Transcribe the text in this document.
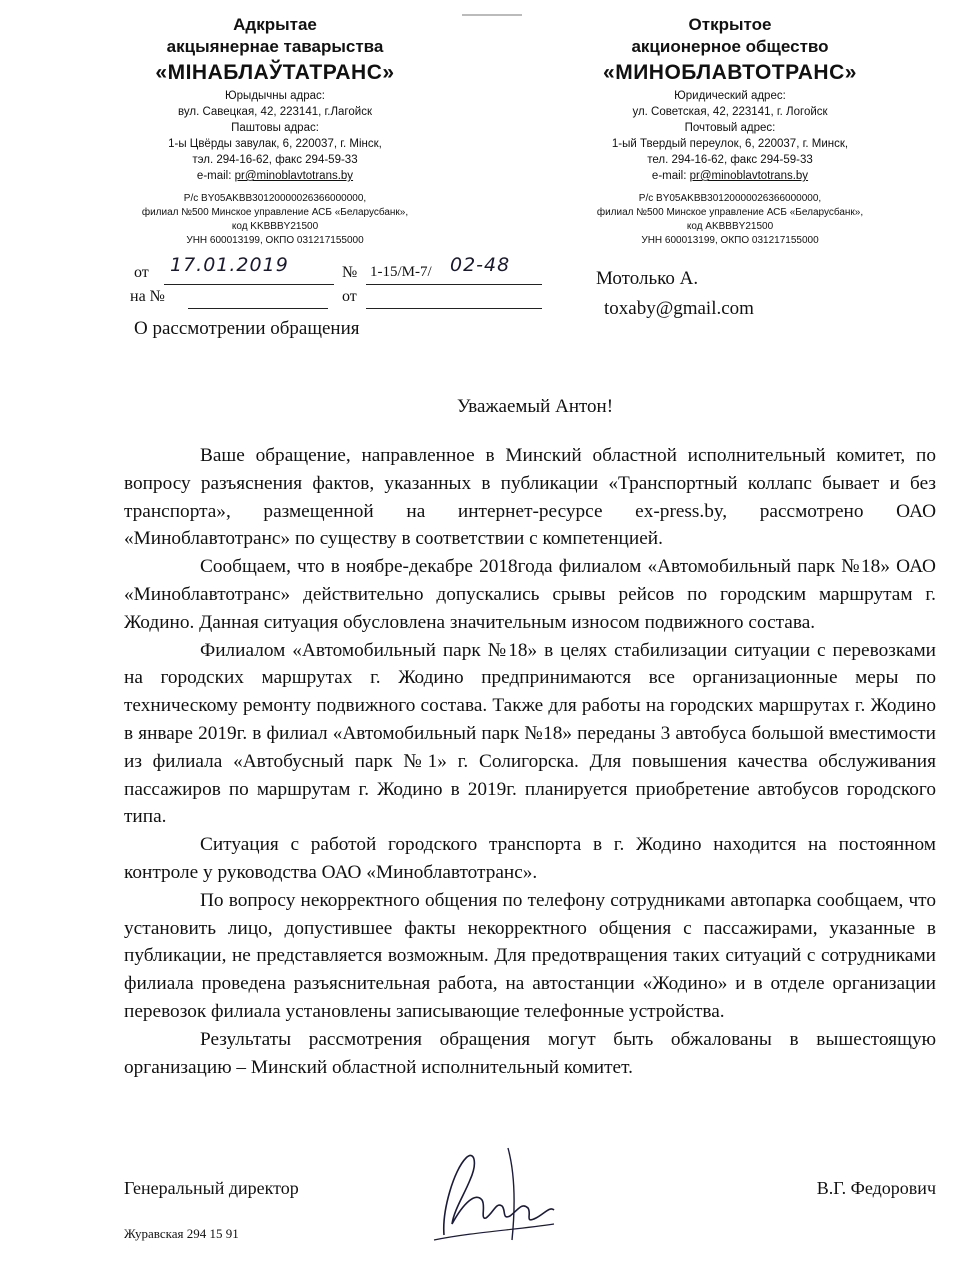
Адкрытае
акцыянернае таварыства
«МІНАБЛАЎТАТРАНС»
Юрыдычны адрас:
вул. Савецкая, 42, 223141, г.Лагойск
Паштовы адрас:
1-ы Цвёрды завулак, 6, 220037, г. Мінск,
тэл. 294-16-62, факс 294-59-33
e-mail: pr@minoblavtotrans.by
Р/с BY05AKBB30120000026366000000,
филиал №500 Минское управление АСБ «Беларусбанк»,
код KKBBBY21500
УНН 600013199, ОКПО 031217155000
Открытое
акционерное общество
«МИНОБЛАВТОТРАНС»
Юридический адрес:
ул. Советская, 42, 223141, г. Логойск
Почтовый адрес:
1-ый Твердый переулок, 6, 220037, г. Минск,
тел. 294-16-62, факс 294-59-33
e-mail: pr@minoblavtotrans.by
Р/с BY05AKBB30120000026366000000,
филиал №500 Минское управление АСБ «Беларусбанк»,
код AKBBBY21500
УНН 600013199, ОКПО 031217155000
от 17.01.2019	№ 1-15/М-7/ 02-48
на №	от
Мотолько А.
toxaby@gmail.com
О рассмотрении обращения
Уважаемый Антон!

Ваше обращение, направленное в Минский областной исполнительный комитет, по вопросу разъяснения фактов, указанных в публикации «Транспортный коллапс бывает и без транспорта», размещенной на интернет-ресурсе ex-press.by, рассмотрено ОАО «Миноблавтотранс» по существу в соответствии с компетенцией.

Сообщаем, что в ноябре-декабре 2018года филиалом «Автомобильный парк №18» ОАО «Миноблавтотранс» действительно допускались срывы рейсов по городским маршрутам г. Жодино. Данная ситуация обусловлена значительным износом подвижного состава.

Филиалом «Автомобильный парк №18» в целях стабилизации ситуации с перевозками на городских маршрутах г. Жодино предпринимаются все организационные меры по техническому ремонту подвижного состава. Также для работы на городских маршрутах г. Жодино в январе 2019г. в филиал «Автомобильный парк №18» переданы 3 автобуса большой вместимости из филиала «Автобусный парк №1» г. Солигорска. Для повышения качества обслуживания пассажиров по маршрутам г. Жодино в 2019г. планируется приобретение автобусов городского типа.

Ситуация с работой городского транспорта в г. Жодино находится на постоянном контроле у руководства ОАО «Миноблавтотранс».

По вопросу некорректного общения по телефону сотрудниками автопарка сообщаем, что установить лицо, допустившее факты некорректного общения с пассажирами, указанные в публикации, не представляется возможным. Для предотвращения таких ситуаций с сотрудниками филиала проведена разъяснительная работа, на автостанции «Жодино» и в отделе организации перевозок филиала установлены записывающие телефонные устройства.

Результаты рассмотрения обращения могут быть обжалованы в вышестоящую организацию – Минский областной исполнительный комитет.

Генеральный директор	В.Г. Федорович
Журавская 294 15 91
